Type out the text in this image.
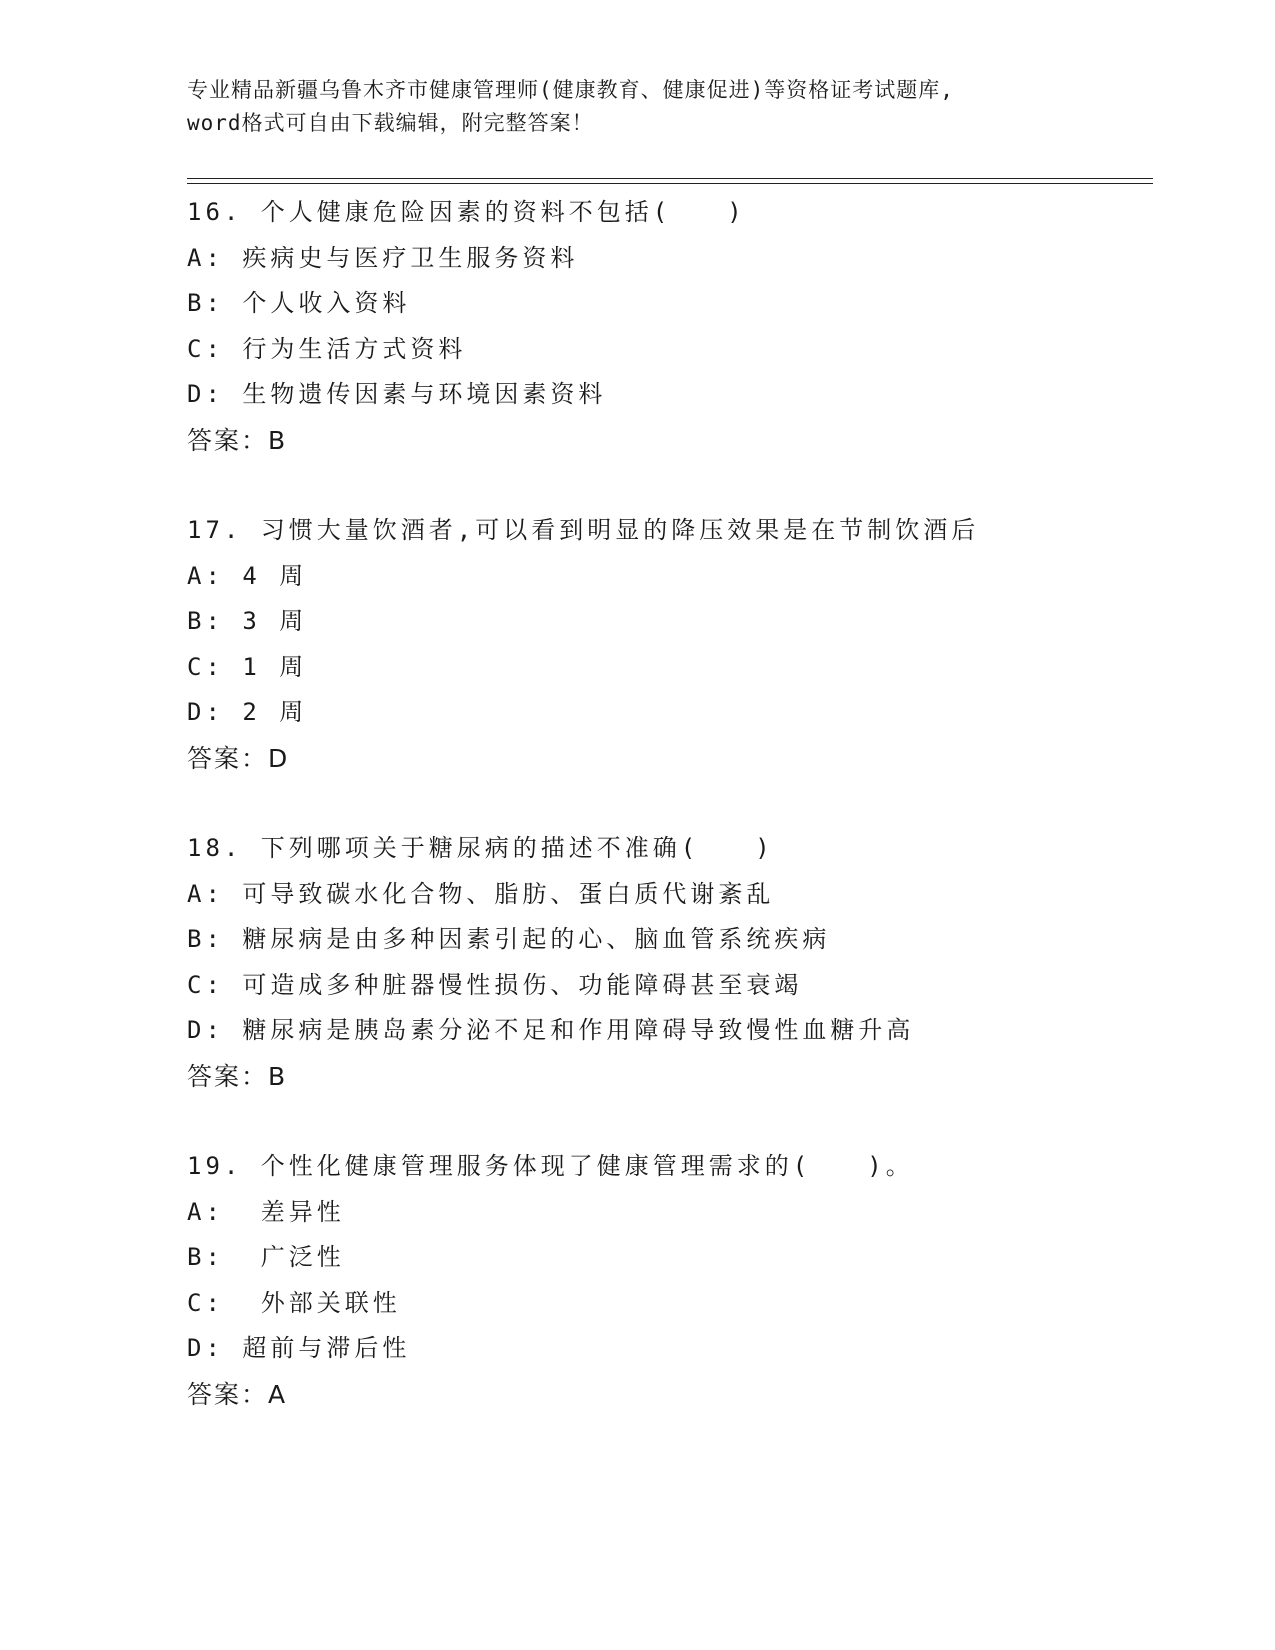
专业精品新疆乌鲁木齐市健康管理师(健康教育、健康促进)等资格证考试题库,
word格式可自由下载编辑，附完整答案！
16. 个人健康危险因素的资料不包括(　　)
A: 疾病史与医疗卫生服务资料
B: 个人收入资料
C: 行为生活方式资料
D: 生物遗传因素与环境因素资料
答案：B
17. 习惯大量饮酒者,可以看到明显的降压效果是在节制饮酒后
A: 4 周
B: 3 周
C: 1 周
D: 2 周
答案：D
18. 下列哪项关于糖尿病的描述不准确(　　)
A: 可导致碳水化合物、脂肪、蛋白质代谢紊乱
B: 糖尿病是由多种因素引起的心、脑血管系统疾病
C: 可造成多种脏器慢性损伤、功能障碍甚至衰竭
D: 糖尿病是胰岛素分泌不足和作用障碍导致慢性血糖升高
答案：B
19. 个性化健康管理服务体现了健康管理需求的(　　)。
A:  差异性
B:  广泛性
C:  外部关联性
D: 超前与滞后性
答案：A
